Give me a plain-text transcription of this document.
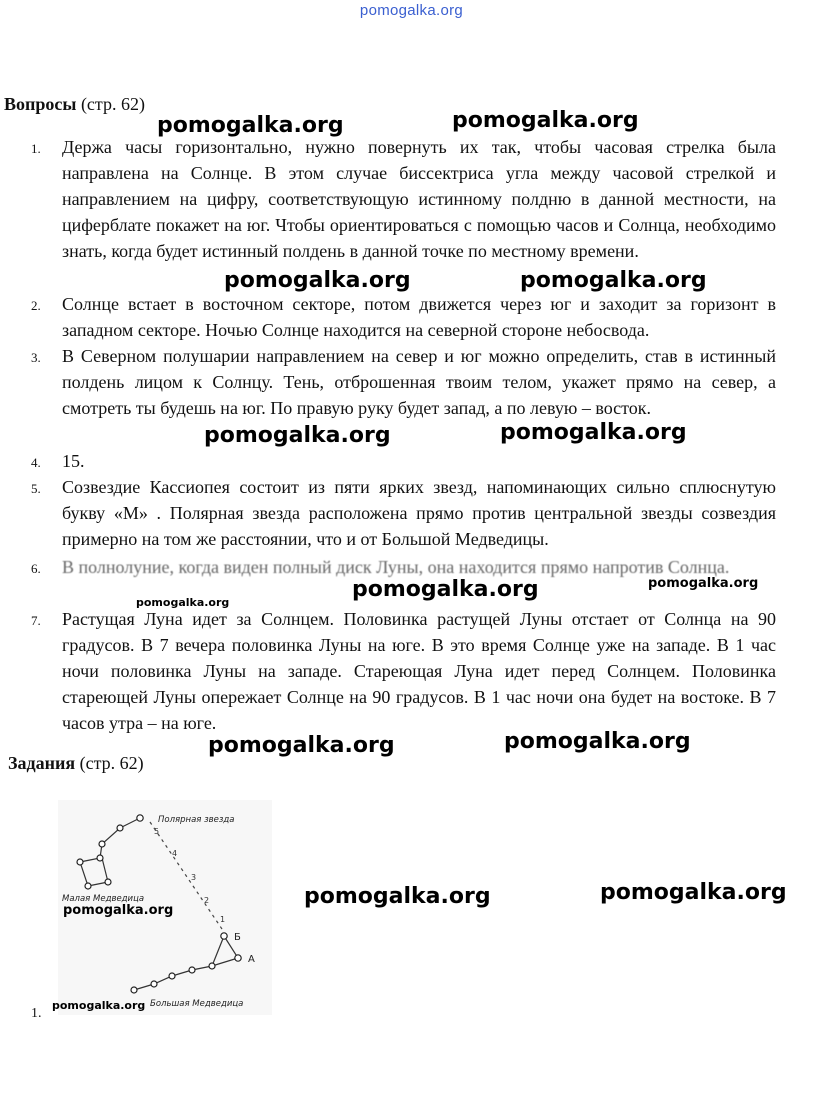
pomogalka.org
Вопросы (стр. 62)
1. Держа часы горизонтально, нужно повернуть их так, чтобы часовая стрелка была направлена на Солнце. В этом случае биссектриса угла между часовой стрелкой и направлением на цифру, соответствующую истинному полдню в данной местности, на циферблате покажет на юг. Чтобы ориентироваться с помощью часов и Солнца, необходимо знать, когда будет истинный полдень в данной точке по местному времени.
2. Солнце встает в восточном секторе, потом движется через юг и заходит за горизонт в западном секторе. Ночью Солнце находится на северной стороне небосвода.
3. В Северном полушарии направлением на север и юг можно определить, став в истинный полдень лицом к Солнцу. Тень, отброшенная твоим телом, укажет прямо на север, а смотреть ты будешь на юг. По правую руку будет запад, а по левую – восток.
4. 15.
5. Созвездие Кассиопея состоит из пяти ярких звезд, напоминающих сильно сплюснутую букву «М» . Полярная звезда расположена прямо против центральной звезды созвездия примерно на том же расстоянии, что и от Большой Медведицы.
6. В полнолуние, когда виден полный диск Луны, она находится прямо напротив Солнца.
7. Растущая Луна идет за Солнцем. Половинка растущей Луны отстает от Солнца на 90 градусов. В 7 вечера половинка Луны на юге. В это время Солнце уже на западе. В 1 час ночи половинка Луны на западе. Стареющая Луна идет перед Солнцем. Половинка стареющей Луны опережает Солнце на 90 градусов. В 1 час ночи она будет на востоке. В 7 часов утра – на юге.
Задания (стр. 62)
5
4
3
2
1
Полярная звезда
Малая Медведица
Большая Медведица
Б
А
1.
pomogalka.org	pomogalka.org
pomogalka.org	pomogalka.org
pomogalka.org	pomogalka.org
pomogalka.org	pomogalka.org
pomogalka.org
pomogalka.org	pomogalka.org
pomogalka.org	pomogalka.org
pomogalka.org
pomogalka.org
